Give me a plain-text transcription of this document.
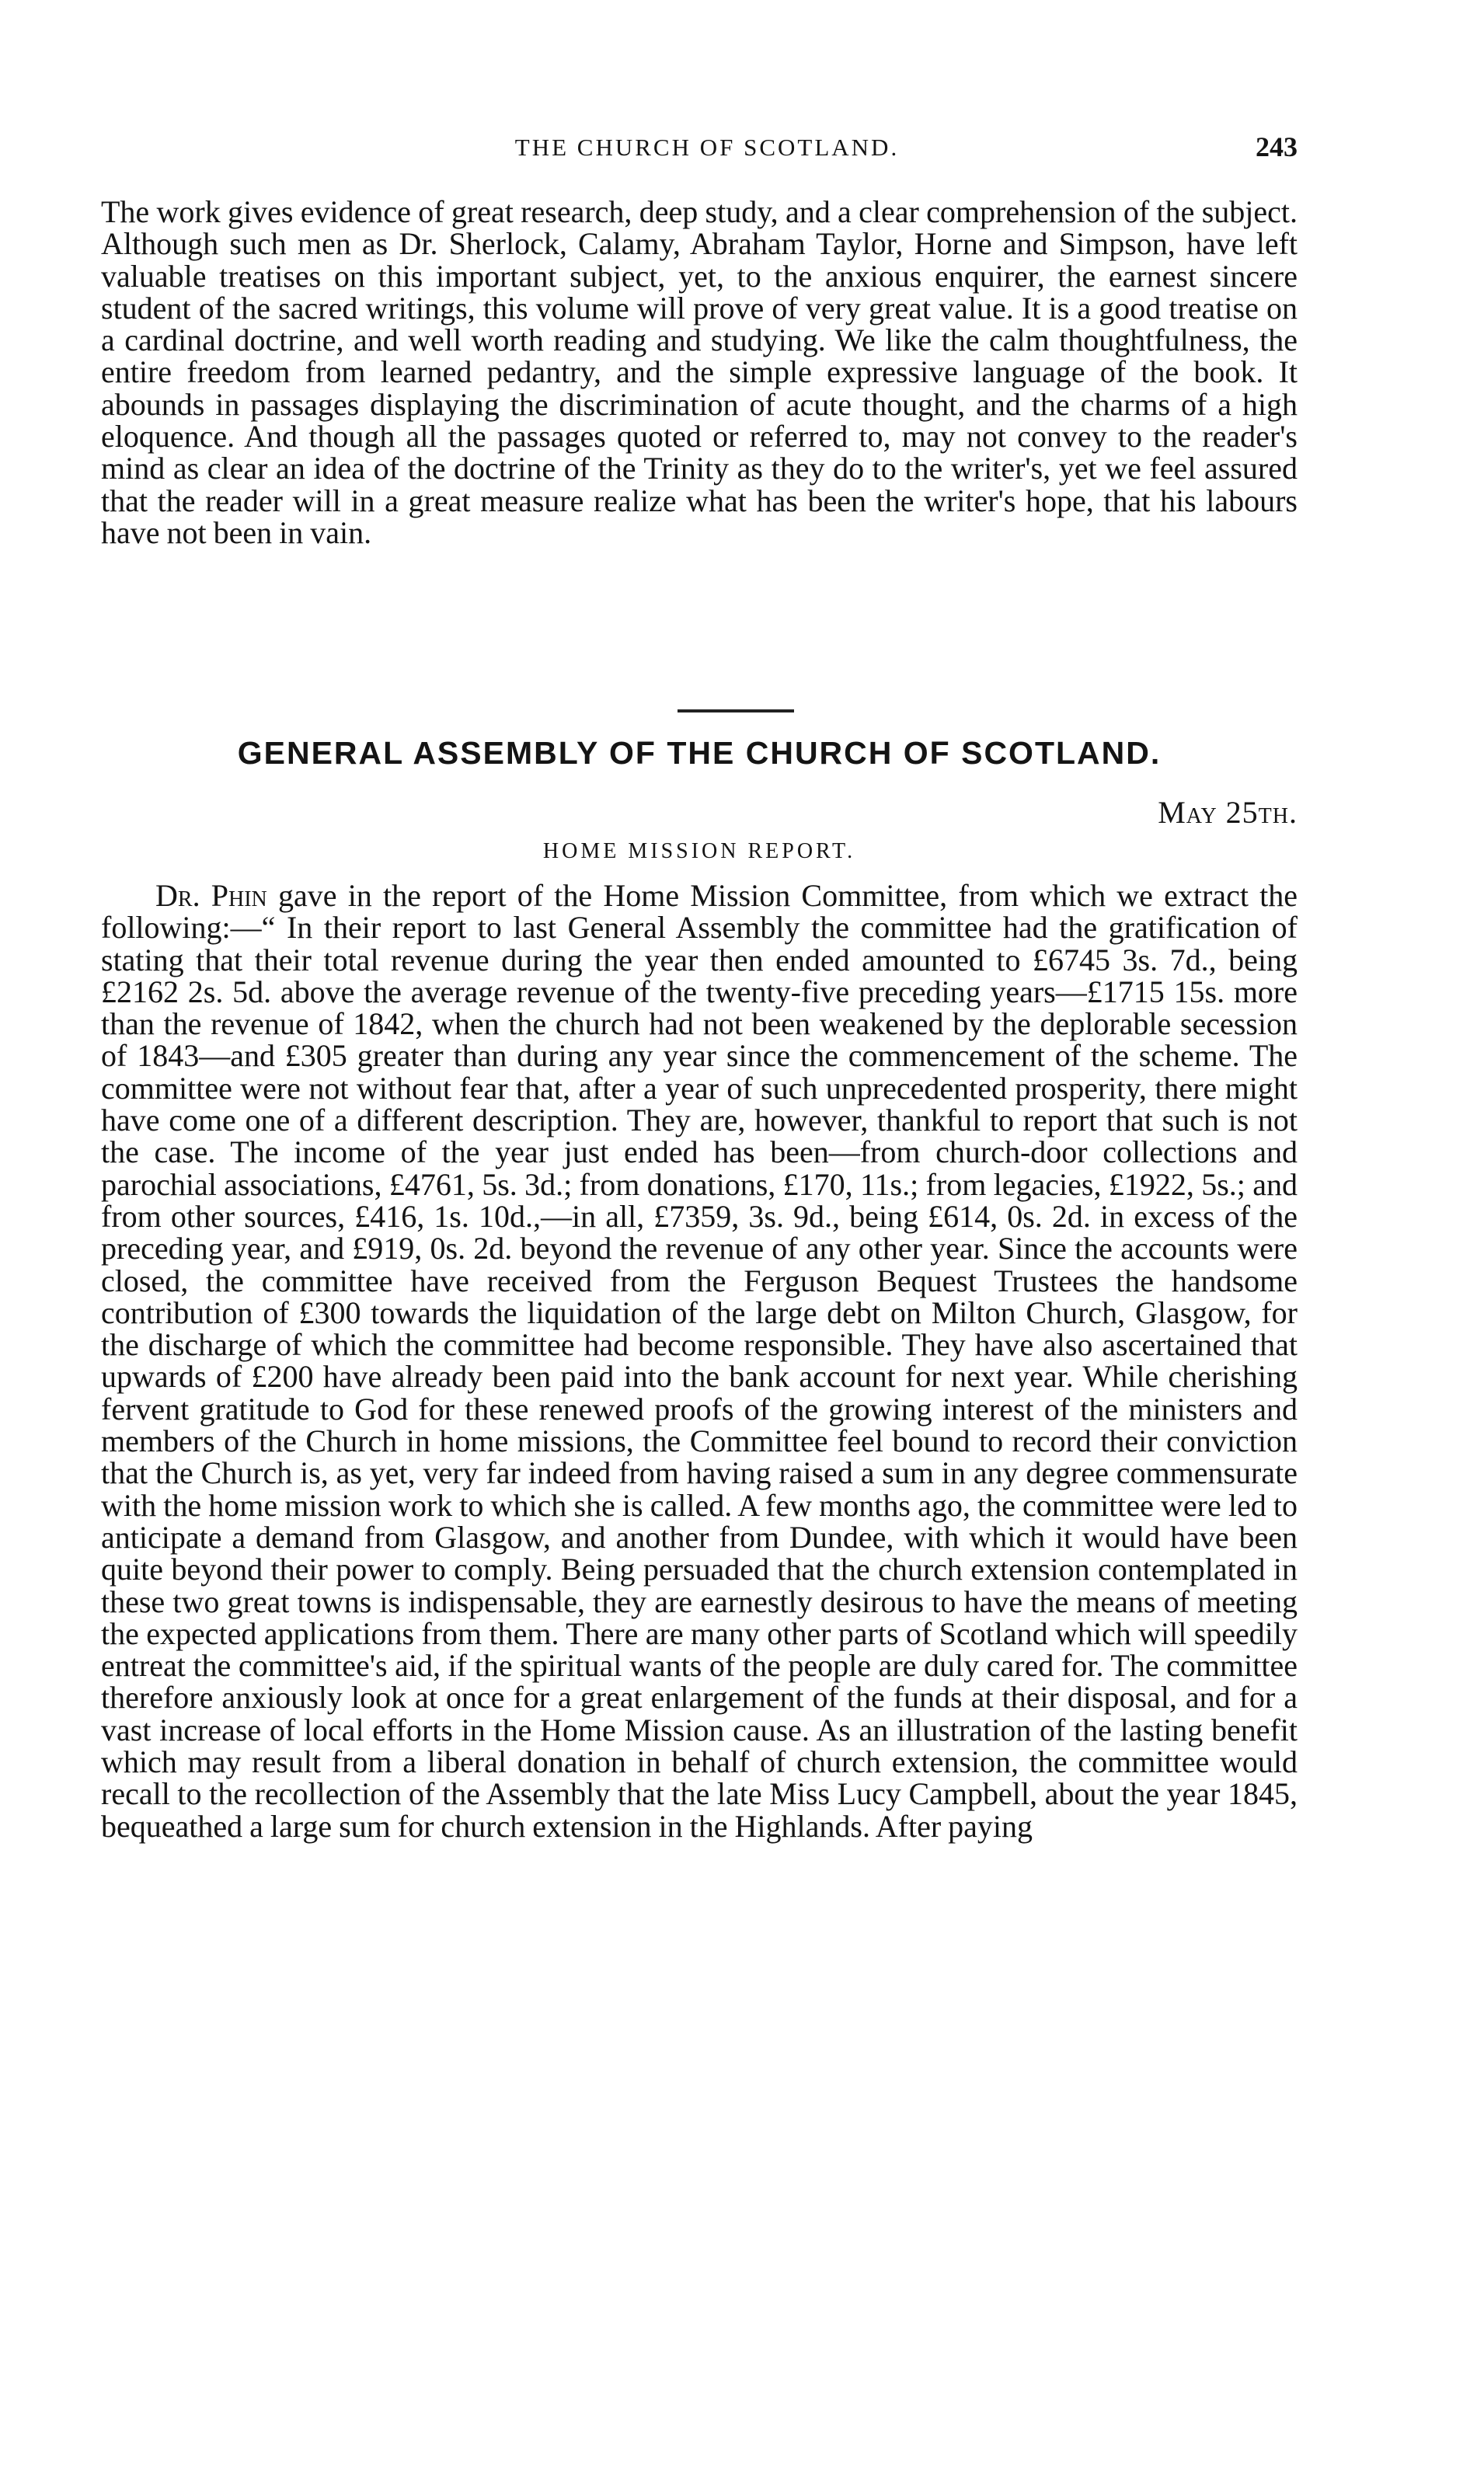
THE CHURCH OF SCOTLAND.	243

The work gives evidence of great research, deep study, and a clear comprehension of the subject. Although such men as Dr. Sherlock, Calamy, Abraham Taylor, Horne and Simpson, have left valuable treatises on this important subject, yet, to the anxious enquirer, the earnest sincere student of the sacred writings, this volume will prove of very great value. It is a good treatise on a cardinal doctrine, and well worth reading and studying. We like the calm thoughtfulness, the entire freedom from learned pedantry, and the simple expressive language of the book. It abounds in passages displaying the discrimination of acute thought, and the charms of a high eloquence. And though all the passages quoted or referred to, may not convey to the reader's mind as clear an idea of the doctrine of the Trinity as they do to the writer's, yet we feel assured that the reader will in a great measure realize what has been the writer's hope, that his labours have not been in vain.

GENERAL ASSEMBLY OF THE CHURCH OF SCOTLAND.
May 25th.
HOME MISSION REPORT.

Dr. Phin gave in the report of the Home Mission Committee, from which we extract the following:—“ In their report to last General Assembly the committee had the gratification of stating that their total revenue during the year then ended amounted to £6745 3s. 7d., being £2162 2s. 5d. above the average revenue of the twenty-five preceding years—£1715 15s. more than the revenue of 1842, when the church had not been weakened by the deplorable secession of 1843—and £305 greater than during any year since the commencement of the scheme. The committee were not without fear that, after a year of such unprecedented prosperity, there might have come one of a different description. They are, however, thankful to report that such is not the case. The income of the year just ended has been—from church-door collections and parochial associations, £4761, 5s. 3d.; from donations, £170, 11s.; from legacies, £1922, 5s.; and from other sources, £416, 1s. 10d.,—in all, £7359, 3s. 9d., being £614, 0s. 2d. in excess of the preceding year, and £919, 0s. 2d. beyond the revenue of any other year. Since the accounts were closed, the committee have received from the Ferguson Bequest Trustees the handsome contribution of £300 towards the liquidation of the large debt on Milton Church, Glasgow, for the discharge of which the committee had become responsible. They have also ascertained that upwards of £200 have already been paid into the bank account for next year. While cherishing fervent gratitude to God for these renewed proofs of the growing interest of the ministers and members of the Church in home missions, the Committee feel bound to record their conviction that the Church is, as yet, very far indeed from having raised a sum in any degree commensurate with the home mission work to which she is called. A few months ago, the committee were led to anticipate a demand from Glasgow, and another from Dundee, with which it would have been quite beyond their power to comply. Being persuaded that the church extension contemplated in these two great towns is indispensable, they are earnestly desirous to have the means of meeting the expected applications from them. There are many other parts of Scotland which will speedily entreat the committee's aid, if the spiritual wants of the people are duly cared for. The committee therefore anxiously look at once for a great enlargement of the funds at their disposal, and for a vast increase of local efforts in the Home Mission cause. As an illustration of the lasting benefit which may result from a liberal donation in behalf of church extension, the committee would recall to the recollection of the Assembly that the late Miss Lucy Campbell, about the year 1845, bequeathed a large sum for church extension in the Highlands. After paying
